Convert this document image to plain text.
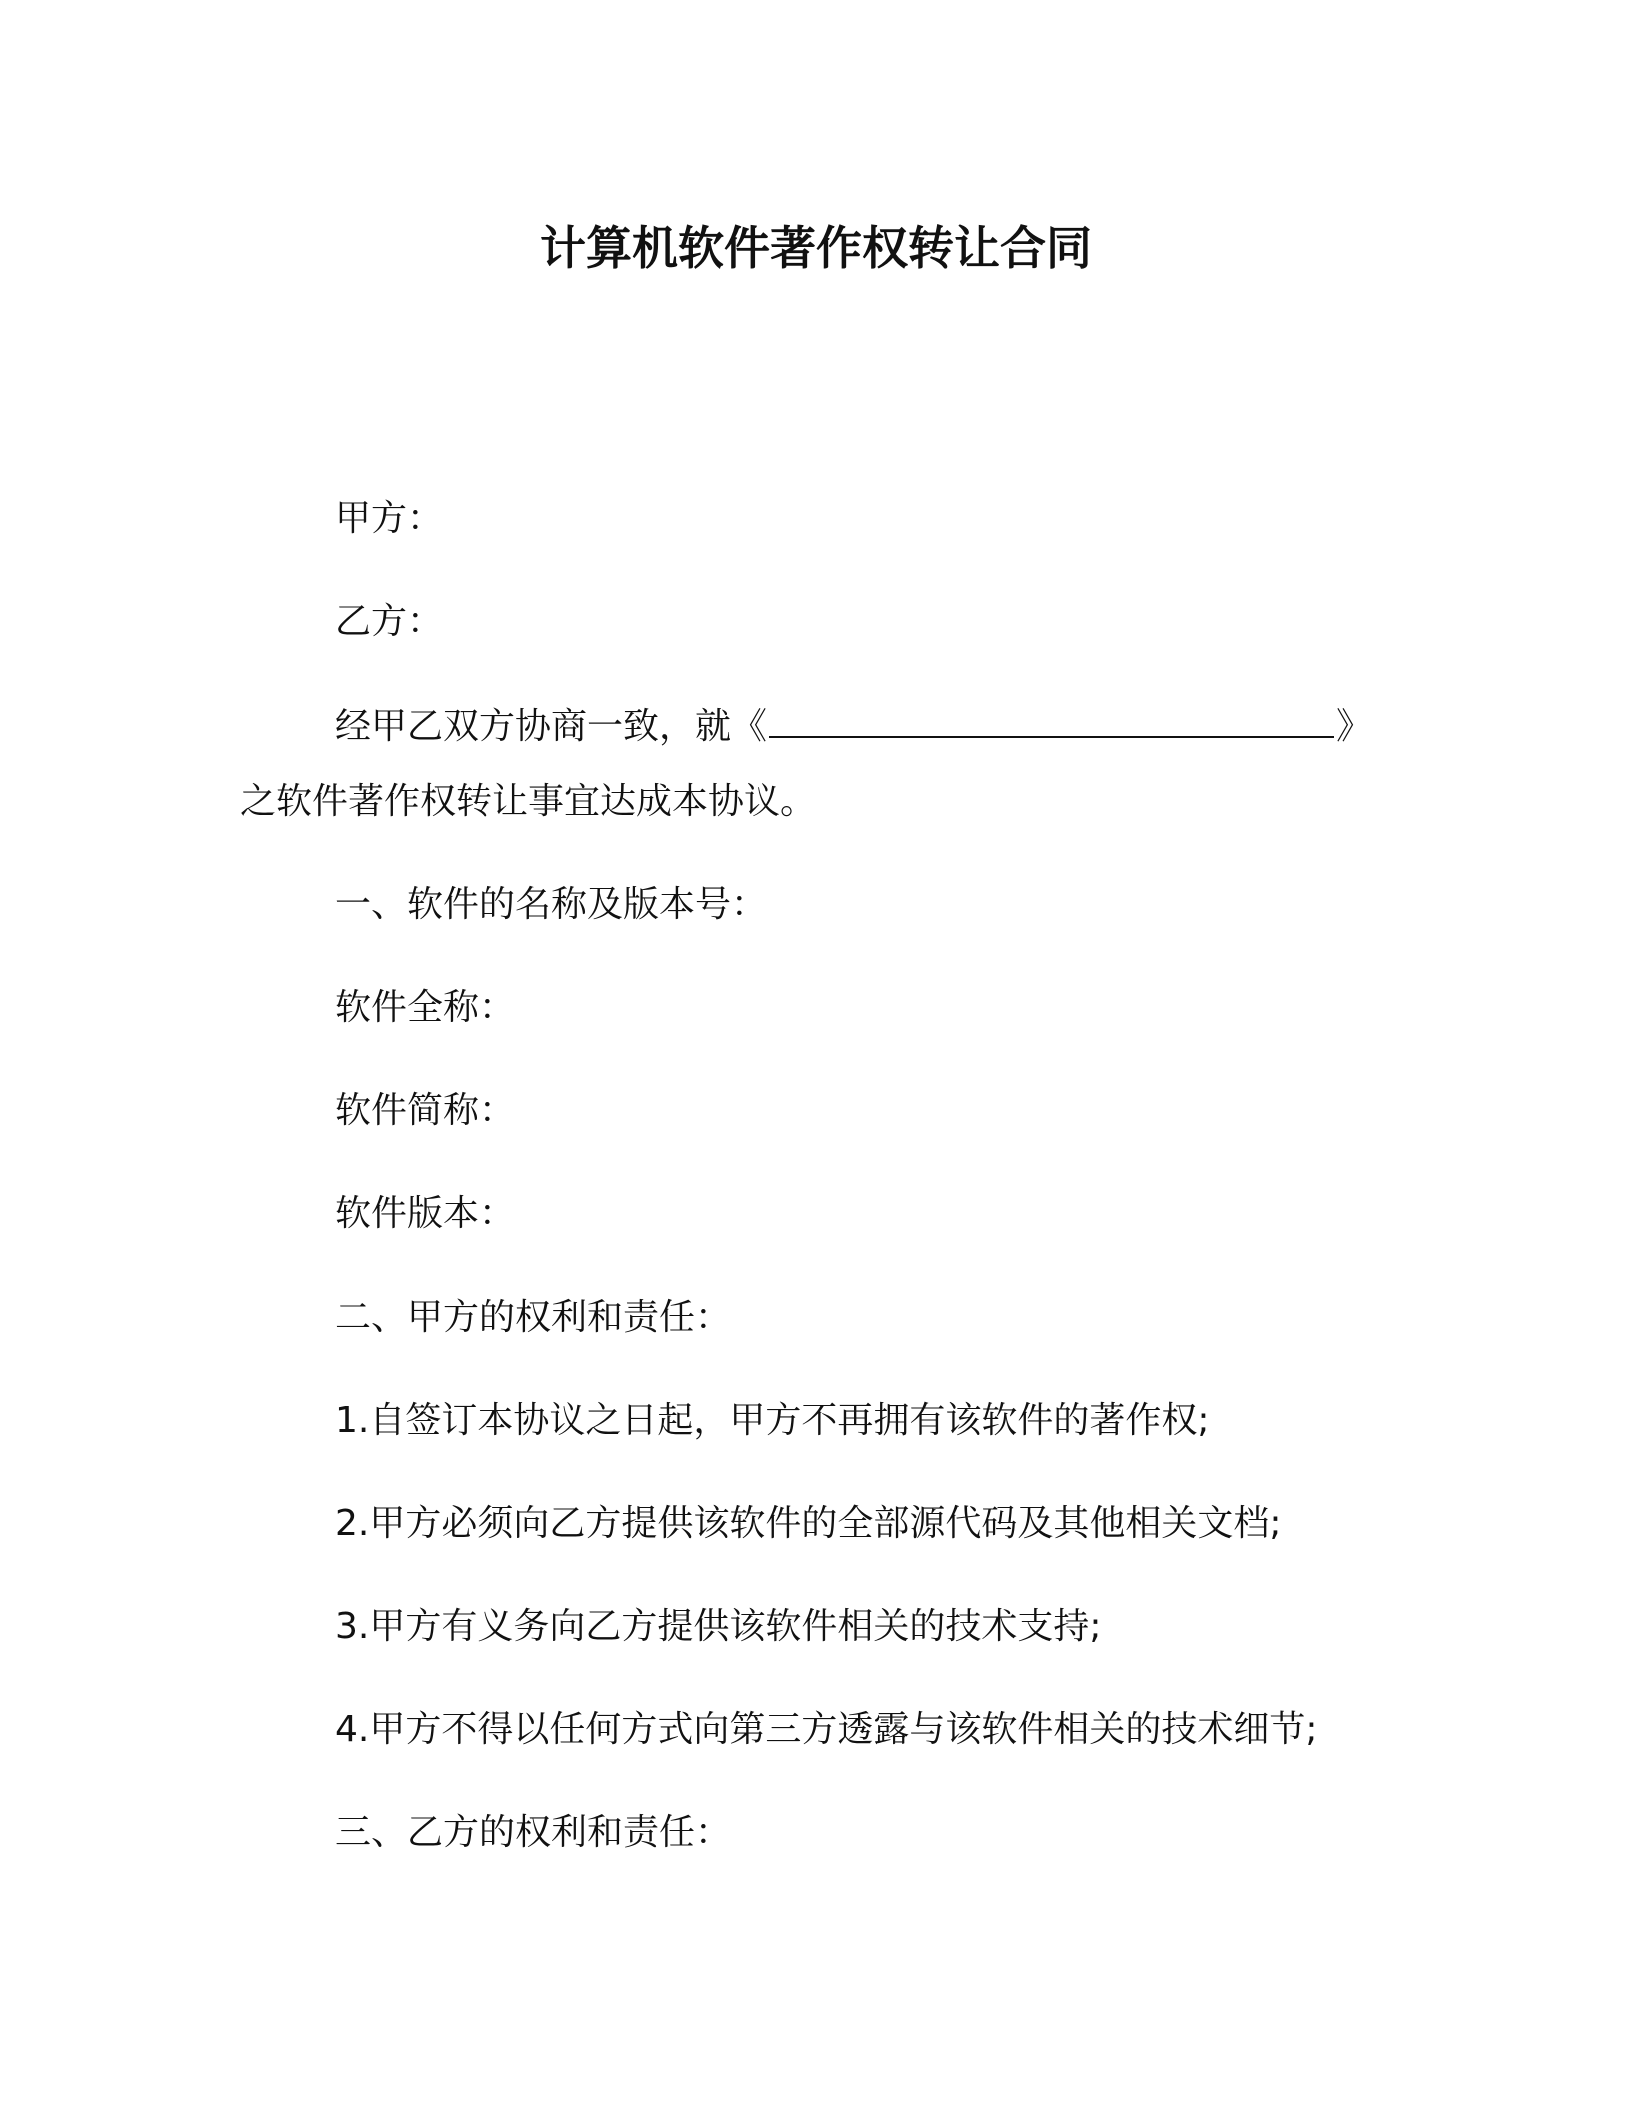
计算机软件著作权转让合同
甲方：
乙方：
经甲乙双方协商一致，就《	》
之软件著作权转让事宜达成本协议。
一、软件的名称及版本号：
软件全称：
软件简称：
软件版本：
二、甲方的权利和责任：
1.自签订本协议之日起，甲方不再拥有该软件的著作权;
2.甲方必须向乙方提供该软件的全部源代码及其他相关文档;
3.甲方有义务向乙方提供该软件相关的技术支持;
4.甲方不得以任何方式向第三方透露与该软件相关的技术细节;
三、乙方的权利和责任：
